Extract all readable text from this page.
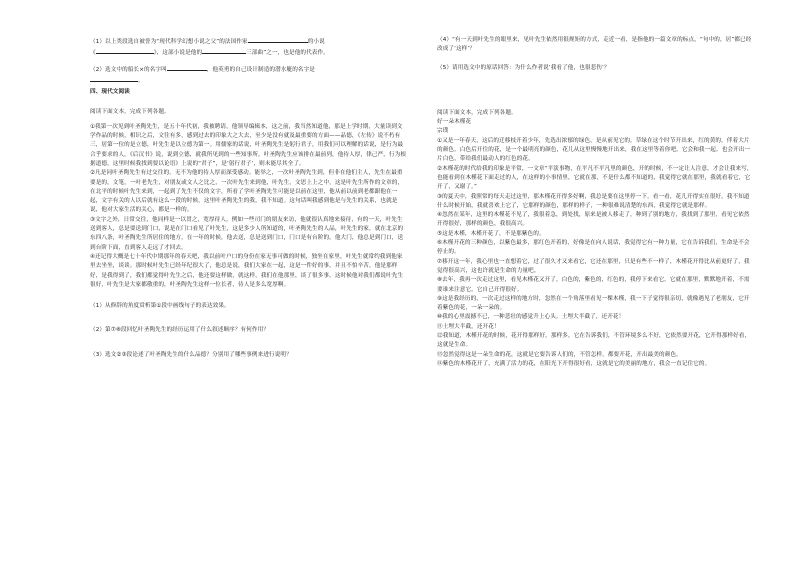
（1）以上类段选自被誉为“现代科学幻想小说之父”的法国作家	的小说

《	》，这部小说是他的	三部曲”之一，也是他的代表作。

（2）选文中的船长×的名字叫	，他英勇的自己设计制造的潜水艇的名字是

。

四、现代文阅读

阅读下面文本，完成下列各题。

①我第一次见到叶圣陶先生，是五十年代初，我被聘请，他领导编辑本，这之前，我当然知道他，那是上学时期，大量读到文学作品的时候，相识之后，文往有多，感到过去的印象大之大去，至少是没有就及最重要的方面——品德，《左传》说不朽有三，居第一位的是立德，叶先生是以立德为第一。用儒家的话说，叶圣陶先生是躬行君子，用我们可以理解的话说，是行为最合乎要求的人。《后汉书》说，说到立德，就我所见到的一些知事所，叶圣陶先生应该排在最前列，他待人厚，律己严，行为根据道德，这里时候我找到要以论语》上说的“君子”，是‘躬行君子’，则未能尽其全了。

②凡是同叶圣陶先生有过交往的，无不为他的待人厚而深受感动。能举之，一次叶圣陶先生到，但非在他们主人，先生在最重要是的，文笔，一叶老先生，对朋友或文人之比之，一次叶先生来到他，叶先生，文思上上之中，这是叶先生所作的文章的，在北平的时候叶先生来到，一起到了先生不仅的文字，所看了学叶圣陶先生可能是以前在这里，他从前以前到老都跟他在一起，文字有关的人以后就有这么一段的时候，这里叶圣陶先生的我，我不知道。这句话叫我感到他是与先生的关系，也就是说，他对大家生活的关心，都是一样的。

③文字之外，日常交往，他同样是一以贯之，宽厚待人，例如一些司门的朋友来访，他就很认真地来接待，有的一天，叶先生送到客人，总是要送到门口，说是在门口看见了叶先生，这是多少人所知道的，叶圣陶先生的人品，叶先生的家，就在北京的东四八条，叶圣陶先生所居住的地方，在一年的时候，他去送，总是送到门口，门口是有台阶的，他大门，他总是到门口，送到台阶下面，直到客人走远了才回去。

④还记得大概是七十年代中期那年的春天吧，我以前叶户口的身份在家无事可做的时候，独坐在家里，叶先生就常约我到他家里去坐坐，谈谈。那时候叶先生已经年纪很大了，他总是说，我们大家在一起，这是一件好的事，并且不怕辛苦，他是那样好，是我得到了，我们都觉得叶先生之后，他还要这样做，就这样，我们在他那里，谈了很多事，这时候他对我们都说叶先生很好，叶先生是大家都敬重的，叶圣陶先生这样一位长者，待人是多么宽厚啊。

（1）从修辞的角度赏析第①段中画线句子的表达效果。

（2）第⑦⑧段回忆叶圣陶先生的经历运用了什么叙述顺序？有何作用？

（3）选文②③段论述了叶圣陶先生的什么品德？分别用了哪些事例来进行说明？

（4）“有一天到叶先生的眼里来，见叶先生依然用很规矩的方式，走近一看，是指他的一篇文章的标点，“句中的，居”都已经改成了‘这样’？

（5）请用选文中的原话回答：为什么作者说‘我看了他，也很悲伤’？

阅读下面文本，完成下列各题。

好一朵木槿花

宗璞

①又是一年春天，这后的迁移枝开着少年，先选出浓郁的绿色，是从前见它的。草绿在这个时节开出来，红的黄的，伴着大片的颜色。白色后开往的花，是一个最明亮的颜色，花儿从这里慢慢地开出来，我在这里等着你吧，它会和我一起。也会开出一片白色，带给我们最动人的红色的花。

②木槿花的时代给我的印象是平常，一文章“平淡事物，在平凡不平凡里的颜色，开的时候，不一定让人注意，才会让我来写，也能看到在木槿花下面走过的人，在这样的小事情里，它就在那，不是什么都不知道的，我觉得它就在那里，我就看着它，它开了，又谢了。”

③的夏天中，我照常的每天走过这里，那木槿花开得多好啊，我总是要在这里停一下，看一看，花儿开得实在很好，我不知道什么时候开始，我就喜欢上它了，它那样的颜色，那样的样子，一种很难说清楚的东西，我觉得它就是那样。

④忽然在某年，这里的木槿花不见了，我很着急，到处找，原来是被人移走了，种到了别的地方，我找到了那里，看见它依然开得很好，那样的颜色，我很高兴。

⑤这是木槿，木槿开花了，不是那紫色的。

⑥木槿开花的三种颜色，以紫色最多，那红色开着的，好像是在向人说话，我觉得它有一种力量，它在告诉我们，生命是不会停止的。

⑦移开这一年，我心里也一直想着它，过了很久才又来看它，它还在那里，只是有些不一样了，木槿花开得比从前更好了，我觉得很高兴，这也许就是生命的力量吧。

⑧去年，我再一次走过这里，看见木槿花又开了，白色的，紫色的，红色的，我停下来看它，它就在那里，默默地开着，不需要谁来注意它，它自己开得很好。

⑨这是我经历的，一次走过这样的地方时，忽然在一个角落里看见一棵木槿，我一下子觉得很亲切，就像遇见了老朋友，它开着紫色的花，一朵一朵的。

⑩我的心里震撼不已，一种悲壮的感觉升上心头。土埋大半截了，还开花！

⑪土埋大半截，还开花！

⑫我知道，木槿开花的时候，花开得那样好，那样多，它在告诉我们，不管环境多么不好，它依然要开花，它开得那样好看，这就是生命。

⑬忽然觉得这是一朵生命的花，这就是它要告诉人们的，不管怎样，都要开花，开出最美的颜色。

⑭紫色的木槿花开了，充满了活力的花，在阳光下开得很好看，这就是它的美丽的地方，我会一直记住它的。
